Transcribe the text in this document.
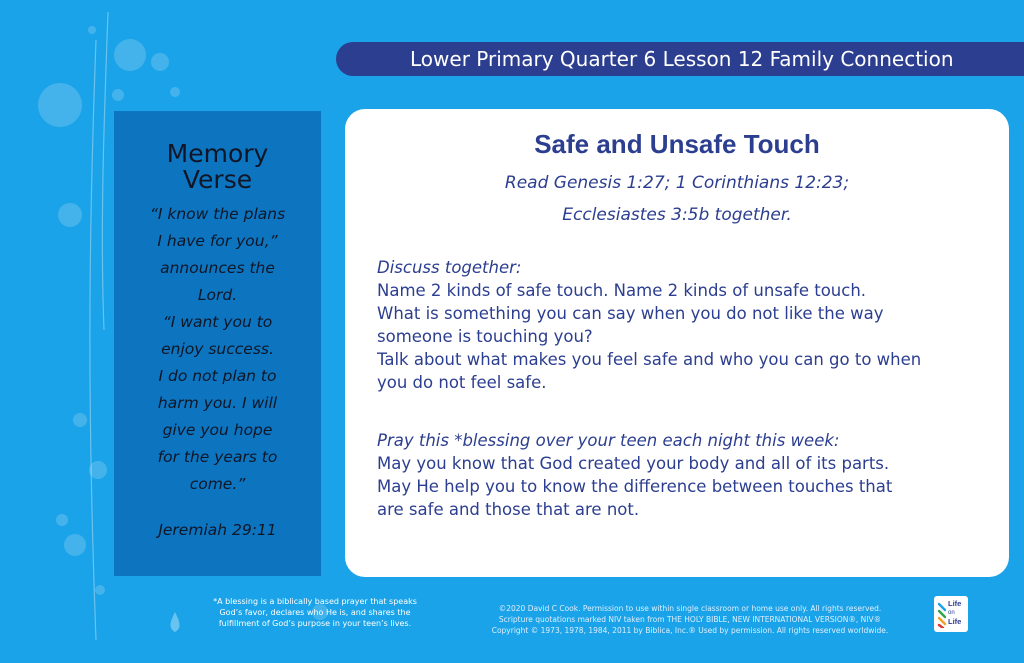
Lower Primary Quarter 6 Lesson 12 Family Connection
Memory
Verse
“I know the plans
I have for you,”
announces the
Lord.
“I want you to
enjoy success.
I do not plan to
harm you. I will
give you hope
for the years to
come.”
Jeremiah 29:11
Safe and Unsafe Touch
Read Genesis 1:27; 1 Corinthians 12:23;
Ecclesiastes 3:5b together.
Discuss together:
Name 2 kinds of safe touch. Name 2 kinds of unsafe touch.
What is something you can say when you do not like the way
someone is touching you?
Talk about what makes you feel safe and who you can go to when
you do not feel safe.
Pray this *blessing over your teen each night this week:
May you know that God created your body and all of its parts.
May He help you to know the difference between touches that
are safe and those that are not.
*A blessing is a biblically based prayer that speaks
God’s favor, declares who He is, and shares the
fulfillment of God’s purpose in your teen’s lives.
©2020 David C Cook. Permission to use within single classroom or home use only. All rights reserved.
Scripture quotations marked NIV taken from THE HOLY BIBLE, NEW INTERNATIONAL VERSION®, NIV®
Copyright © 1973, 1978, 1984, 2011 by Biblica, Inc.® Used by permission. All rights reserved worldwide.
Life
on
Life
